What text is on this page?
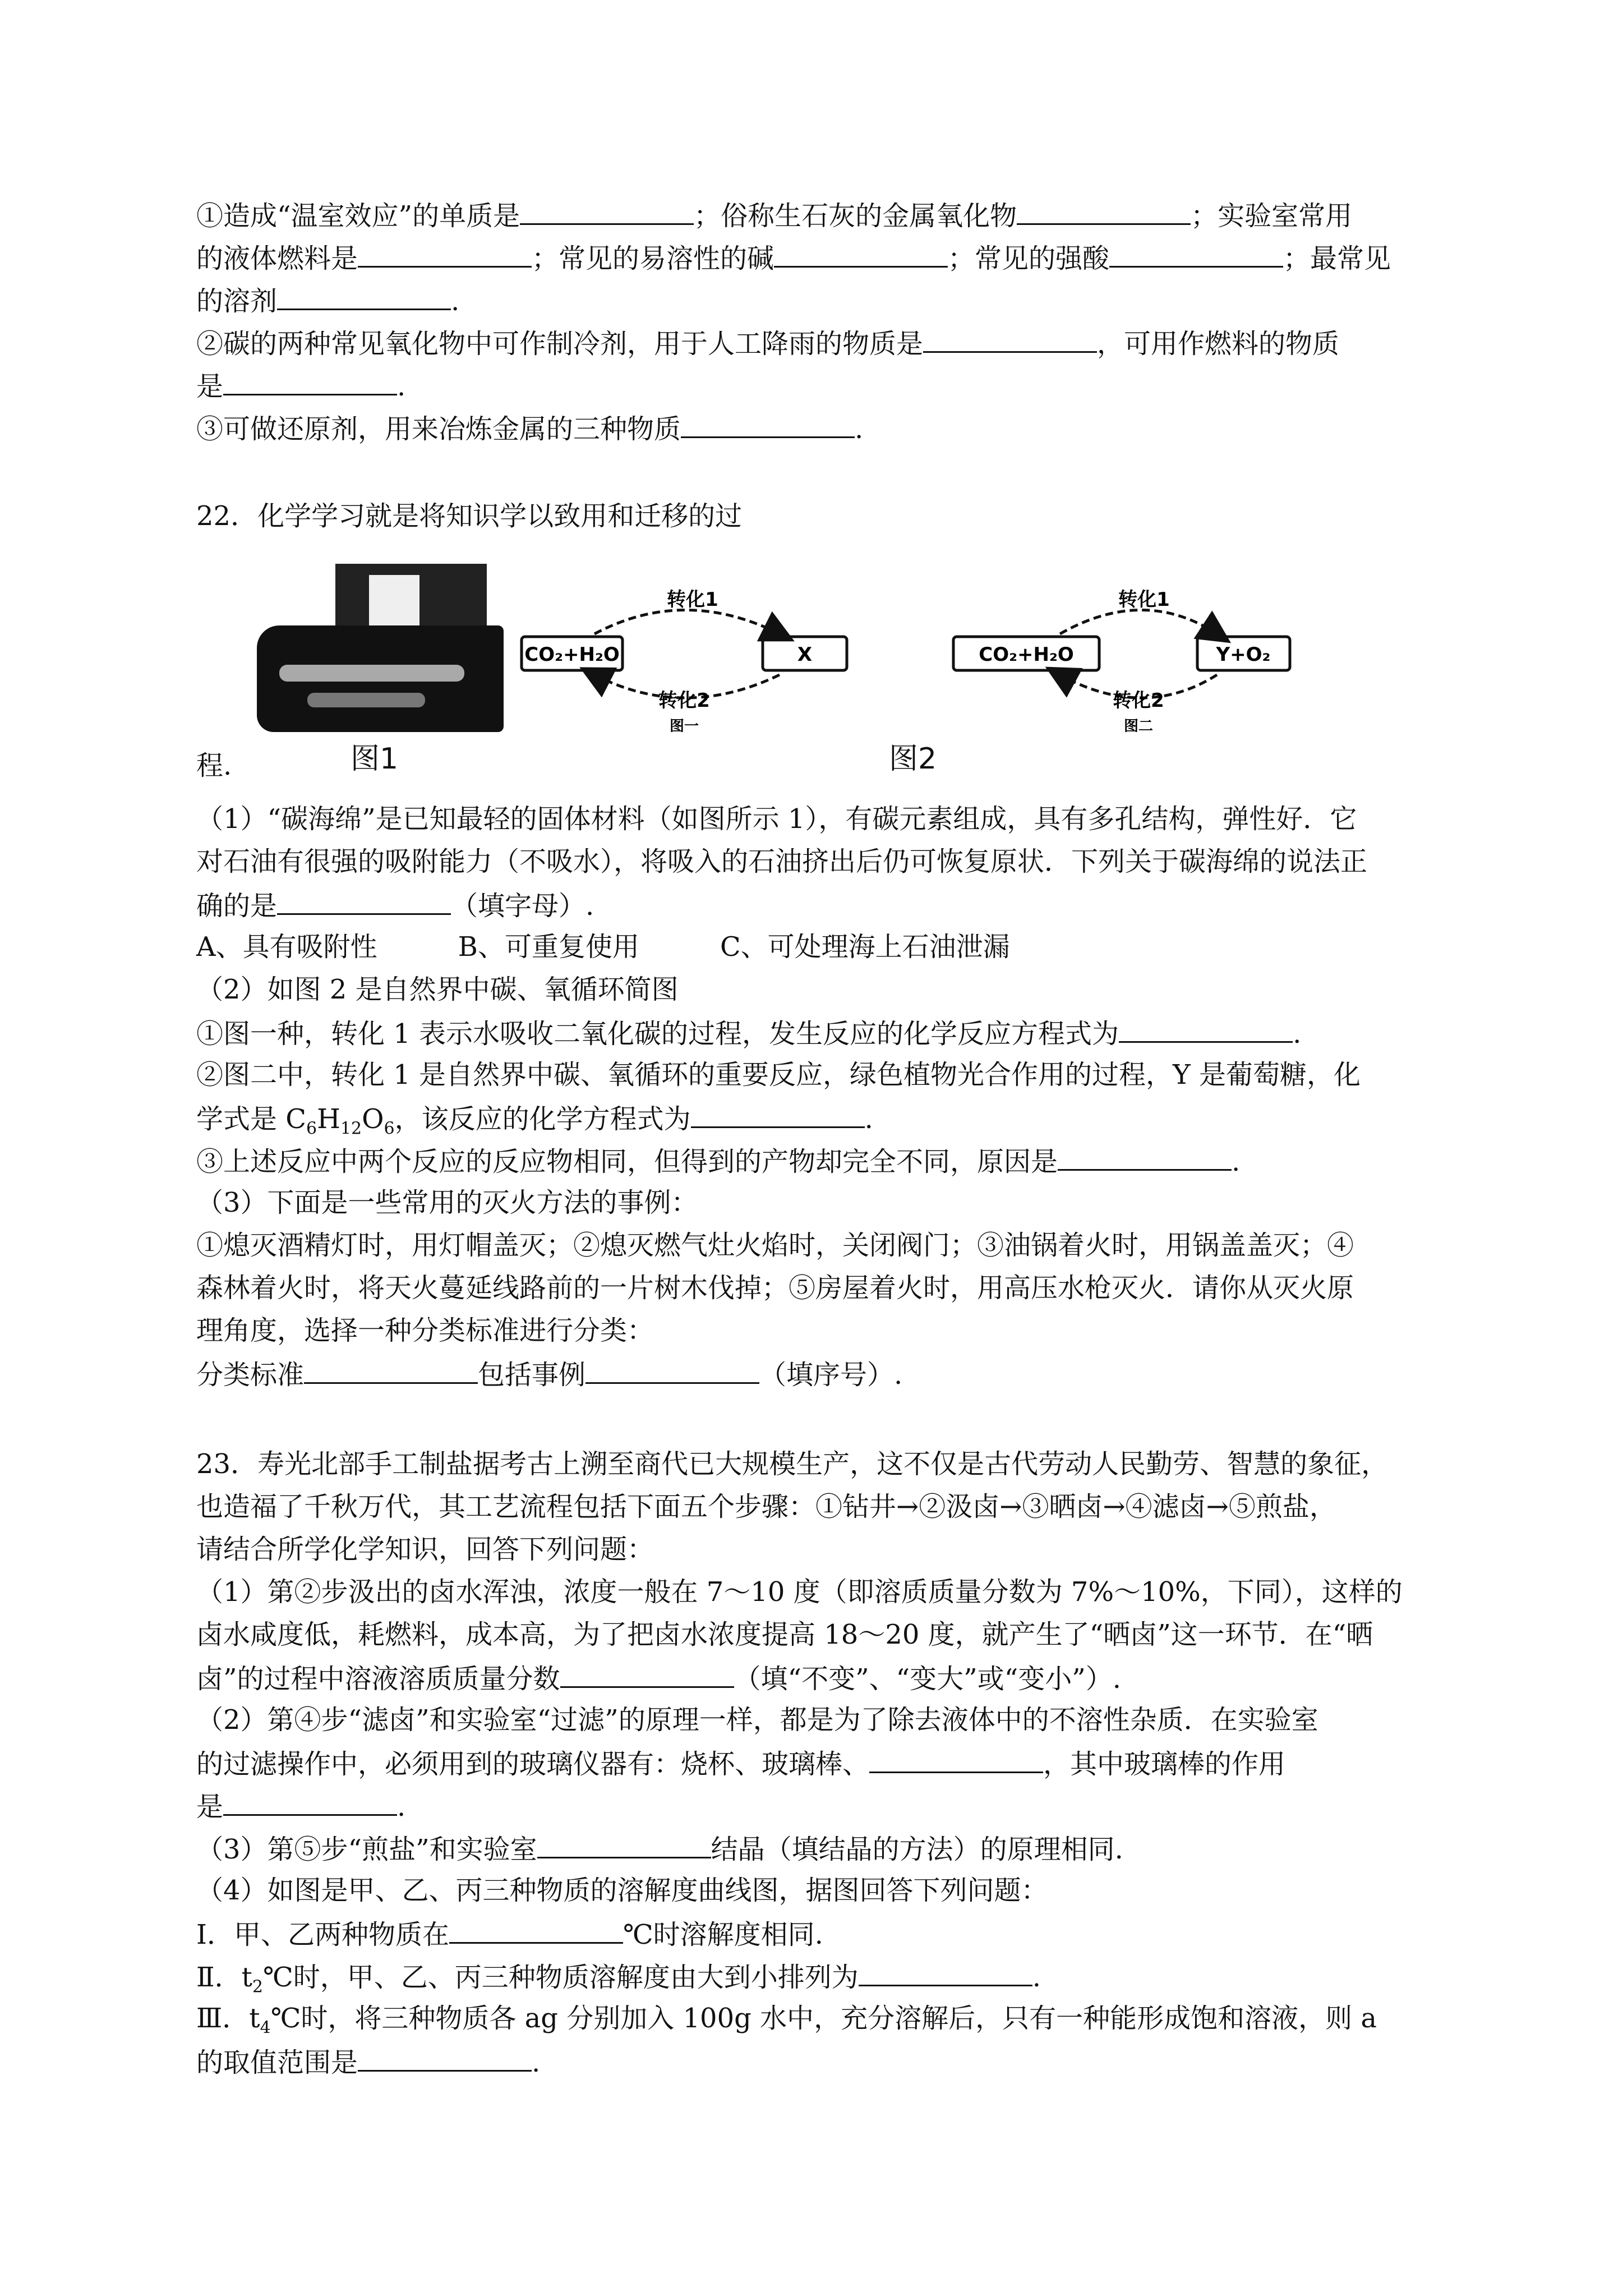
①造成“温室效应”的单质是	；俗称生石灰的金属氧化物	；实验室常用
的液体燃料是	；常见的易溶性的碱	；常见的强酸	；最常见
的溶剂	.
②碳的两种常见氧化物中可作制冷剂，用于人工降雨的物质是	，可用作燃料的物质
是	.
③可做还原剂，用来冶炼金属的三种物质	.
22．化学学习就是将知识学以致用和迁移的过
CO₂+H₂O	X
转化1
转化2
图一
CO₂+H₂O	Y+O₂
转化1
转化2
图二
程.	图1	图2
（1）“碳海绵”是已知最轻的固体材料（如图所示 1），有碳元素组成，具有多孔结构，弹性好．它
对石油有很强的吸附能力（不吸水），将吸入的石油挤出后仍可恢复原状．下列关于碳海绵的说法正
确的是	（填字母）.
A、具有吸附性　　　B、可重复使用　　　C、可处理海上石油泄漏
（2）如图 2 是自然界中碳、氧循环简图
①图一种，转化 1 表示水吸收二氧化碳的过程，发生反应的化学反应方程式为	.
②图二中，转化 1 是自然界中碳、氧循环的重要反应，绿色植物光合作用的过程，Y 是葡萄糖，化
学式是 $C_6H_{12}O_6$，该反应的化学方程式为	.
③上述反应中两个反应的反应物相同，但得到的产物却完全不同，原因是	.
（3）下面是一些常用的灭火方法的事例：
①熄灭酒精灯时，用灯帽盖灭；②熄灭燃气灶火焰时，关闭阀门；③油锅着火时，用锅盖盖灭；④
森林着火时，将天火蔓延线路前的一片树木伐掉；⑤房屋着火时，用高压水枪灭火．请你从灭火原
理角度，选择一种分类标准进行分类：
分类标准	包括事例	（填序号）.
23．寿光北部手工制盐据考古上溯至商代已大规模生产，这不仅是古代劳动人民勤劳、智慧的象征，
也造福了千秋万代，其工艺流程包括下面五个步骤：①钻井→②汲卤→③晒卤→④滤卤→⑤煎盐，
请结合所学化学知识，回答下列问题：
（1）第②步汲出的卤水浑浊，浓度一般在 7～10 度（即溶质质量分数为 7%～10%，下同），这样的
卤水咸度低，耗燃料，成本高，为了把卤水浓度提高 18～20 度，就产生了“晒卤”这一环节．在“晒
卤”的过程中溶液溶质质量分数	（填“不变”、“变大”或“变小”）.
（2）第④步“滤卤”和实验室“过滤”的原理一样，都是为了除去液体中的不溶性杂质．在实验室
的过滤操作中，必须用到的玻璃仪器有：烧杯、玻璃棒、	，其中玻璃棒的作用
是	.
（3）第⑤步“煎盐”和实验室	结晶（填结晶的方法）的原理相同.
（4）如图是甲、乙、丙三种物质的溶解度曲线图，据图回答下列问题：
Ⅰ．甲、乙两种物质在	℃时溶解度相同.
Ⅱ．$t_2℃$时，甲、乙、丙三种物质溶解度由大到小排列为	.
Ⅲ．$t_4℃$时，将三种物质各 ag 分别加入 100g 水中，充分溶解后，只有一种能形成饱和溶液，则 a
的取值范围是	.
